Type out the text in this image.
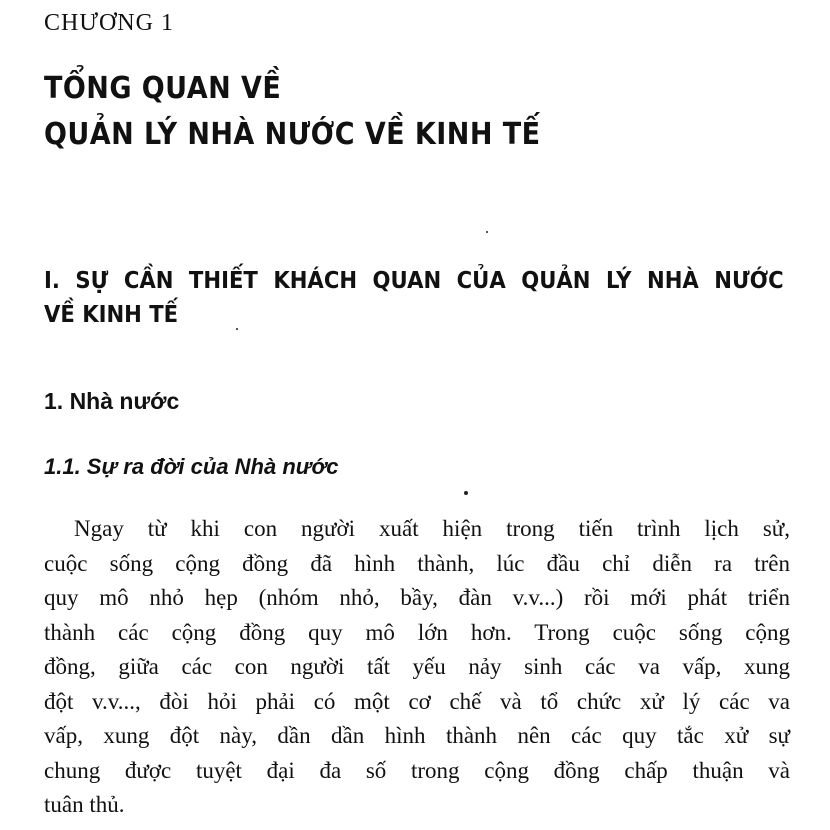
CHƯƠNG 1
TỔNG QUAN VỀ
QUẢN LÝ NHÀ NƯỚC VỀ KINH TẾ
I. SỰ CẦN THIẾT KHÁCH QUAN CỦA QUẢN LÝ NHÀ NƯỚC
VỀ KINH TẾ
1. Nhà nước
1.1. Sự ra đời của Nhà nước

Ngay từ khi con người xuất hiện trong tiến trình lịch sử,
cuộc sống cộng đồng đã hình thành, lúc đầu chỉ diễn ra trên
quy mô nhỏ hẹp (nhóm nhỏ, bầy, đàn v.v...) rồi mới phát triển
thành các cộng đồng quy mô lớn hơn. Trong cuộc sống cộng
đồng, giữa các con người tất yếu nảy sinh các va vấp, xung
đột v.v..., đòi hỏi phải có một cơ chế và tổ chức xử lý các va
vấp, xung đột này, dần dần hình thành nên các quy tắc xử sự
chung được tuyệt đại đa số trong cộng đồng chấp thuận và
tuân thủ.
